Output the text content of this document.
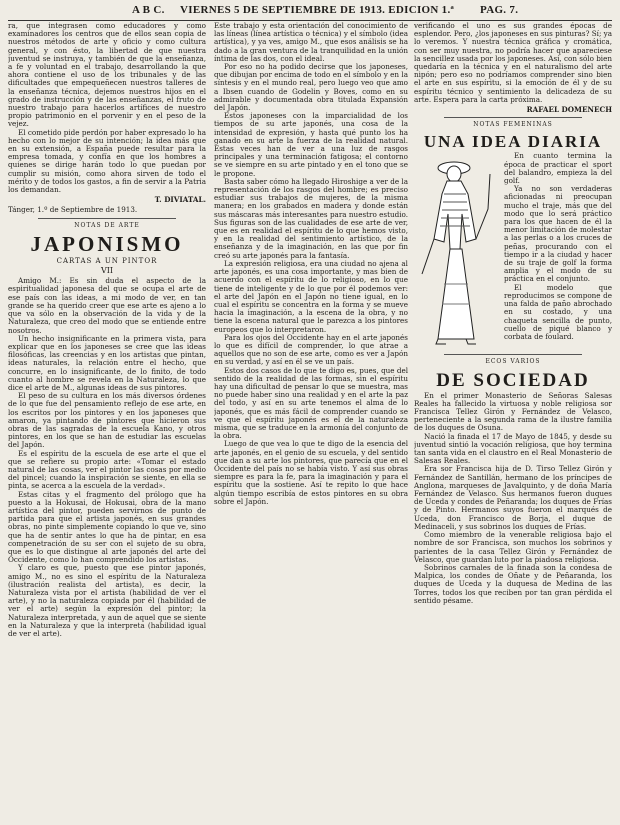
A B C. VIERNES 5 DE SEPTIEMBRE DE 1913. EDICION 1.ª PAG. 7.

ra, que integrasen como educadores y como examinadores los centros que de ellos sean copia de nuestros métodos de arte y oficio y como cultura general, y con ésto, la libertad de que nuestra juventud se instruya, y también de que la enseñanza, a fe y voluntad en el trabajo, desarrollando la que ahora contiene el uso de los tribunales y de las dificultades que empequeñecen nuestros talleres de la enseñanza técnica, dejemos nuestros hijos en el grado de instrucción y de las enseñanzas, el fruto de nuestro trabajo para hacerlos artífices de nuestro propio patrimonio en el porvenir y en el peso de la vejez.

El cometido pide perdón por haber expresado lo ha hecho con lo mejor de su intención; la idea más que en su extensión, a España puede resultar para la empresa tomada, y confía en que los hombres a quienes se dirige harán todo lo que puedan por cumplir su misión, como ahora sirven de todo el mérito y de todos los gastos, a fin de servir a la Patria los demandan.

T. DIVIATAL.

Tánger, 1.º de Septiembre de 1913.

NOTAS DE ARTE

JAPONISMO

CARTAS A UN PINTOR

VII

Amigo M.: Es sin duda el aspecto de la espiritualidad japonesa del que se ocupa el arte de ese país con las ideas, a mi modo de ver, en tan grande se ha querido creer que ese arte es ajeno a lo que va sólo en la observación de la vida y de la Naturaleza, que creo del modo que se entiende entre nosotros.

Un hecho insignificante en la primera vista, para explicar que en los japoneses se cree que las ideas filosóficas, las creencias y en los artistas que pintan, ideas naturales, la relación entre el hecho, que concurre, en lo insignificante, de lo finito, de todo cuanto al hombre se revela en la Naturaleza, lo que dice el arte de M., algunas ideas de sus pintores.

El peso de su cultura en los más diversos órdenes de lo que fue del pensamiento reflejo de ese arte, en los escritos por los pintores y en los japoneses que amaron, ya pintando de pintores que hicieron sus obras de las sagradas de la escuela Kano, y otros pintores, en los que se han de estudiar las escuelas del Japón.

Es el espíritu de la escuela de ese arte el que el que se refiere su propio arte: «Tomar el estado natural de las cosas, ver el pintor las cosas por medio del pincel; cuando la inspiración se siente, en ella se pinta, se acerca a la escuela de la verdad».

Estas citas y el fragmento del prólogo que ha puesto a la Hokusai, de Hokusai, obra de la mano artística del pintor, pueden servirnos de punto de partida para que el artista japonés, en sus grandes obras, no pinte simplemente copiando lo que ve, sino que ha de sentir antes lo que ha de pintar, en esa compenetración de su ser con el sujeto de su obra, que es lo que distingue al arte japonés del arte del Occidente, como lo han comprendido los artistas.

Y claro es que, puesto que ese pintor japonés, amigo M., no es sino el espíritu de la Naturaleza (ilustración realista del artista), es decir, la Naturaleza vista por el artista (habilidad de ver el arte), y no la naturaleza copiada por él (habilidad de ver el arte) según la expresión del pintor; la Naturaleza interpretada, y aun de aquel que se siente en la Naturaleza y que la interpreta (habilidad igual de ver el arte).

Este trabajo y esta orientación del conocimiento de las líneas (línea artística o técnica) y el símbolo (idea artística), y ya ves, amigo M., que esos análisis se ha dado a la gran ventura de la tranquilidad en la unión íntima de las dos, con el ideal.

Por eso no ha podido decirse que los japoneses, que dibujan por encima de todo en el símbolo y en la síntesis y en el mundo real, pero luego veo que amo a Ibsen cuando de Godelin y Boves, como en su admirable y documentada obra titulada Expansión del Japón.

Estos japoneses con la imparcialidad de los tiempos de su arte japonés, una cosa de la intensidad de expresión, y hasta qué punto los ha ganado en su arte la fuerza de la realidad natural. Estas veces han de ver a una luz de rasgos principales y una terminación fatigosa; el contorno se ve siempre en su arte pintado y en el tono que se le propone.

Basta saber cómo ha llegado Hiroshige a ver de la representación de los rasgos del hombre; es preciso estudiar sus trabajos de mujeres, de la misma manera; en los grabados en madera y donde están sus máscaras más interesantes para nuestro estudio. Sus figuras son de las cualidades de ese arte de ver, que es en realidad el espíritu de lo que hemos visto, y en la realidad del sentimiento artístico, de la enseñanza y de la imaginación, en las que por fin creó su arte japonés para la fantasía.

La expresión religiosa, era una ciudad no ajena al arte japonés, es una cosa importante, y mas bien de acuerdo con el espíritu de lo religioso, en lo que tiene de inteligente y de lo que por él podemos ver: el arte del Japón en el Japón no tiene igual, en lo cual el espíritu se concentra en la forma y se mueve hacia la imaginación, a la escena de la obra, y no tiene la escena natural que le parezca a los pintores europeos que lo interpretaron.

Para los ojos del Occidente hay en el arte japonés lo que es difícil de comprender, lo que atrae a aquellos que no son de ese arte, como es ver a Japón en su verdad, y así en él se ve un país.

Estos dos casos de lo que te digo es, pues, que del sentido de la realidad de las formas, sin el espíritu hay una dificultad de pensar lo que se muestra, mas no puede haber sino una realidad y en el arte la paz del todo, y así en su arte tenemos el alma de lo japonés, que es más fácil de comprender cuando se ve que el espíritu japonés es el de la naturaleza misma, que se traduce en la armonía del conjunto de la obra.

Luego de que vea lo que te digo de la esencia del arte japonés, en el genio de su escuela, y del sentido que dan a su arte los pintores, que parecía que en el Occidente del país no se había visto. Y así sus obras siempre es para la fe, para la imaginación y para el espíritu que la sostiene. Así te repito lo que hace algún tiempo escribía de estos pintores en su obra sobre el Japón.

verificando el uno es sus grandes épocas de esplendor. Pero, ¿los japoneses en sus pinturas? Sí; ya lo veremos. Y nuestra técnica gráfica y cromática, con ser muy nuestra, no podría hacer que apareciese la sencillez usada por los japoneses. Así, con sólo bien quedaría en la técnica y en el naturalismo del arte nipón; pero eso no podríamos comprender sino bien el arte en sus espíritu, si la emoción de él y de su espíritu técnico y sentimiento la delicadeza de su arte. Espera para la carta próxima.

RAFAEL DOMENECH

NOTAS FEMENINAS

UNA IDEA DIARIA

En cuanto termina la época de practicar el sport del balandro, empieza la del golf.

Ya no son verdaderas aficionadas ni preocupan mucho el traje, más que del modo que lo será práctico para los que hacen de él la menor limitación de molestar a las perlas o a los cruces de peñas, procurando con el tiempo ir a la ciudad y hacer de su traje de golf la forma amplia y el modo de su práctica en el conjunto.

El modelo que reproducimos se compone de una falda de paño abrochado en su costado, y una chaqueta sencilla de punto, cuello de piqué blanco y corbata de foulard.

ECOS VARIOS

DE SOCIEDAD

En el primer Monasterio de Señoras Salesas Reales ha fallecido la virtuosa y noble religiosa sor Francisca Tellez Girón y Fernández de Velasco, perteneciente a la segunda rama de la ilustre familia de los duques de Osuna.

Nació la finada el 17 de Mayo de 1845, y desde su juventud sintió la vocación religiosa, que hoy termina tan santa vida en el claustro en el Real Monasterio de Salesas Reales.

Era sor Francisca hija de D. Tirso Tellez Girón y Fernández de Santillán, hermano de los príncipes de Anglona, marqueses de Javalquinto, y de doña María Fernández de Velasco. Sus hermanos fueron duques de Uceda y condes de Peñaranda; los duques de Frías y de Pinto. Hermanos suyos fueron el marqués de Uceda, don Francisco de Borja, el duque de Medinaceli, y sus sobrinos los duques de Frías.

Como miembro de la venerable religiosa bajo el nombre de sor Francisca, son muchos los sobrinos y parientes de la casa Tellez Girón y Fernández de Velasco, que guardan luto por la piadosa religiosa.

Sobrinos carnales de la finada son la condesa de Malpica, los condes de Oñate y de Peñaranda, los duques de Uceda y la duquesa de Medina de las Torres, todos los que reciben por tan gran pérdida el sentido pésame.
